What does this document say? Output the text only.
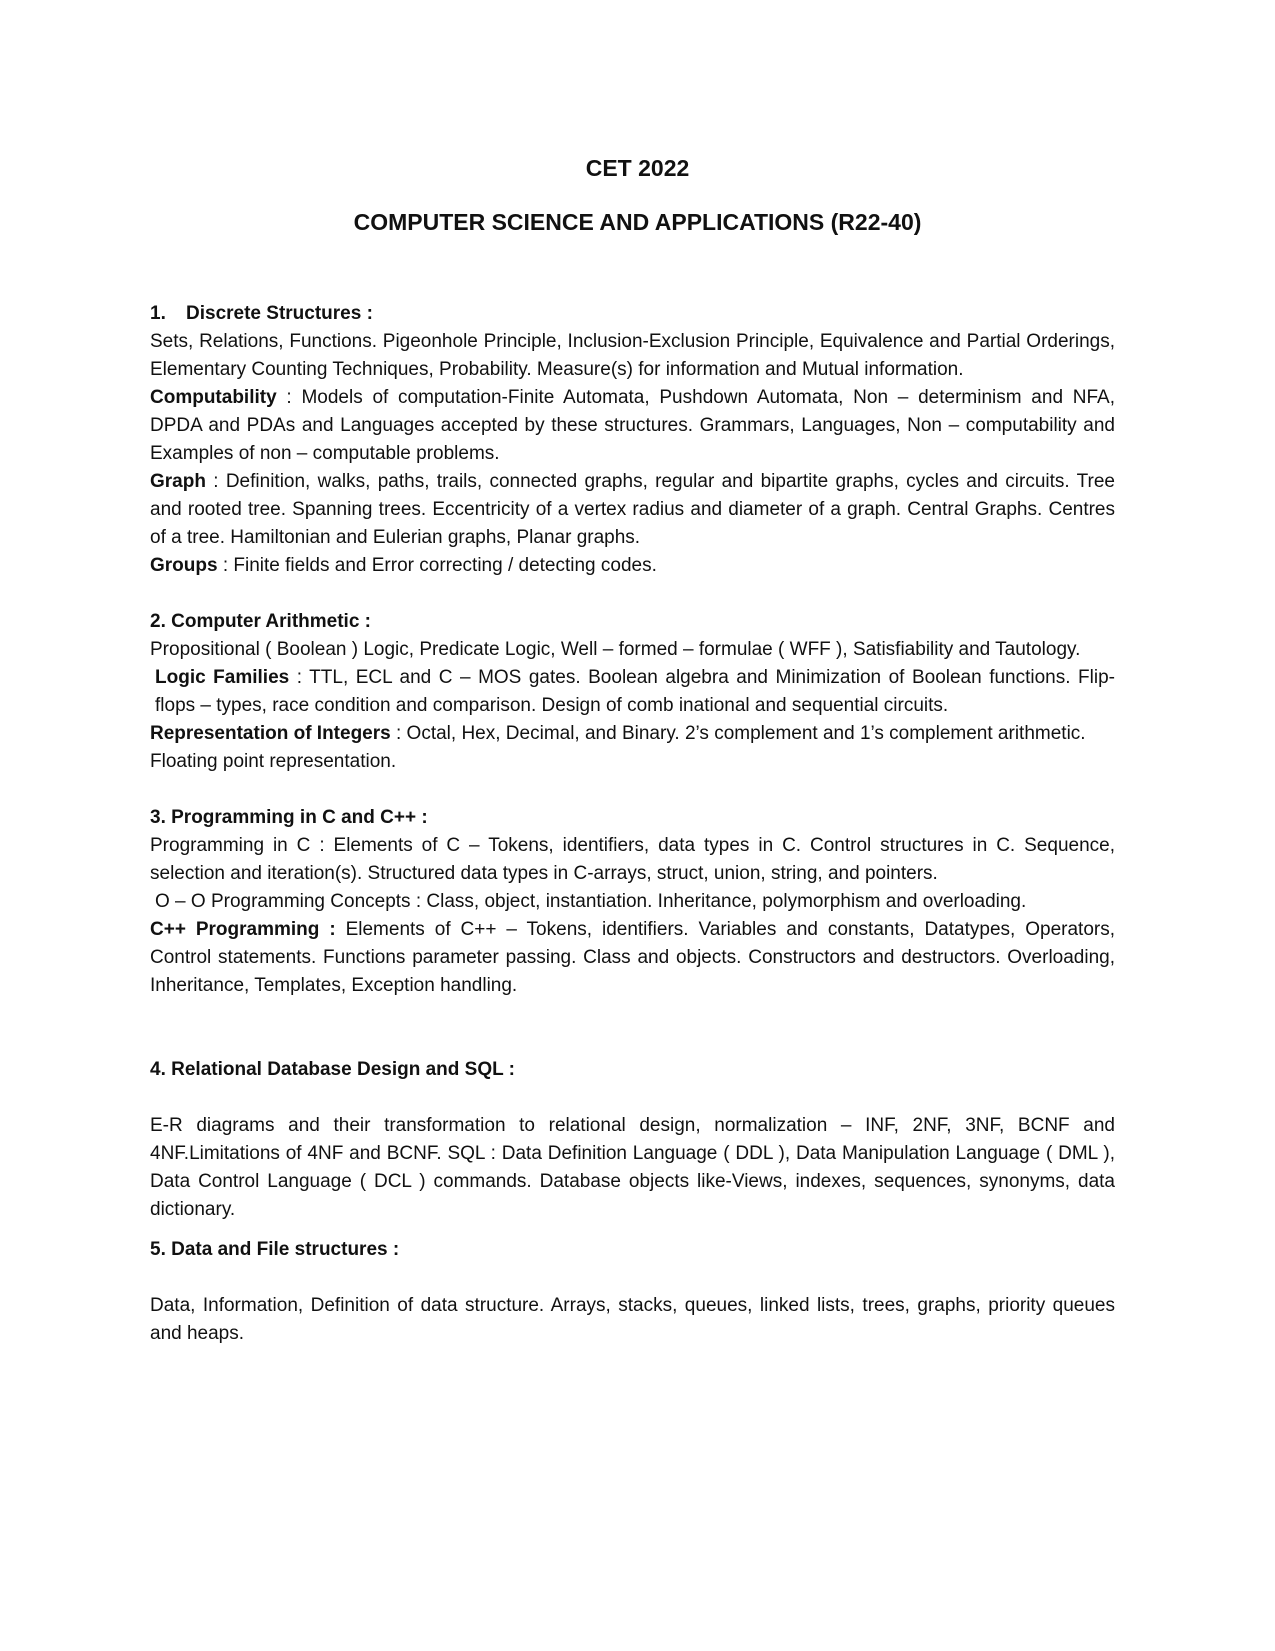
CET 2022
COMPUTER SCIENCE AND APPLICATIONS (R22-40)

1. Discrete Structures :

Sets, Relations, Functions. Pigeonhole Principle, Inclusion-Exclusion Principle, Equivalence and Partial Orderings, Elementary Counting Techniques, Probability. Measure(s) for information and Mutual information.

Computability : Models of computation-Finite Automata, Pushdown Automata, Non – determinism and NFA, DPDA and PDAs and Languages accepted by these structures. Grammars, Languages, Non – computability and Examples of non – computable problems.

Graph : Definition, walks, paths, trails, connected graphs, regular and bipartite graphs, cycles and circuits. Tree and rooted tree. Spanning trees. Eccentricity of a vertex radius and diameter of a graph. Central Graphs. Centres of a tree. Hamiltonian and Eulerian graphs, Planar graphs.

Groups : Finite fields and Error correcting / detecting codes.

2. Computer Arithmetic :

Propositional ( Boolean ) Logic, Predicate Logic, Well – formed – formulae ( WFF ), Satisfiability and Tautology.

Logic Families : TTL, ECL and C – MOS gates. Boolean algebra and Minimization of Boolean functions. Flip-flops – types, race condition and comparison. Design of comb inational and sequential circuits.

Representation of Integers : Octal, Hex, Decimal, and Binary. 2’s complement and 1’s complement arithmetic.

Floating point representation.

3. Programming in C and C++ :

Programming in C : Elements of C – Tokens, identifiers, data types in C. Control structures in C. Sequence, selection and iteration(s). Structured data types in C-arrays, struct, union, string, and pointers.

O – O Programming Concepts : Class, object, instantiation. Inheritance, polymorphism and overloading.

C++ Programming : Elements of C++ – Tokens, identifiers. Variables and constants, Datatypes, Operators, Control statements. Functions parameter passing. Class and objects. Constructors and destructors. Overloading, Inheritance, Templates, Exception handling.

4. Relational Database Design and SQL :

E-R diagrams and their transformation to relational design, normalization – INF, 2NF, 3NF, BCNF and 4NF.Limitations of 4NF and BCNF. SQL : Data Definition Language ( DDL ), Data Manipulation Language ( DML ), Data Control Language ( DCL ) commands. Database objects like-Views, indexes, sequences, synonyms, data dictionary.

5. Data and File structures :

Data, Information, Definition of data structure. Arrays, stacks, queues, linked lists, trees, graphs, priority queues and heaps.
